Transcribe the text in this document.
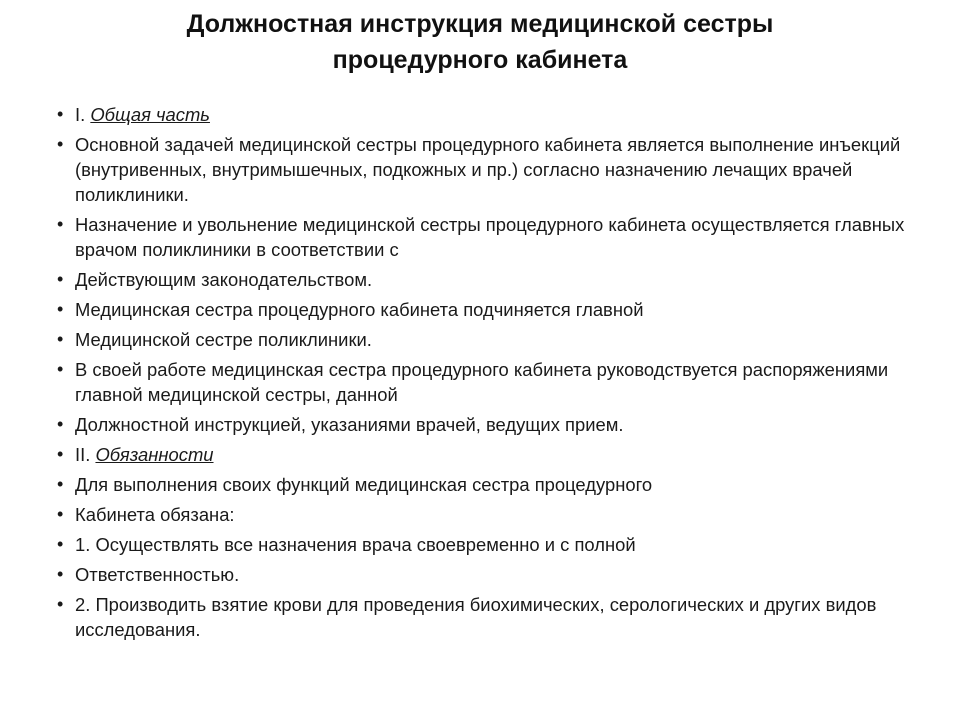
Должностная инструкция медицинской сестры
процедурного кабинета
• I. Общая часть
• Основной задачей медицинской сестры процедурного кабинета является выполнение инъекций (внутривенных, внутримышечных, подкожных и пр.) согласно назначению лечащих врачей поликлиники.
• Назначение и увольнение медицинской сестры процедурного кабинета осуществляется главных врачом поликлиники в соответствии с
• Действующим законодательством.
• Медицинская сестра процедурного кабинета подчиняется главной
• Медицинской сестре поликлиники.
• В своей работе медицинская сестра процедурного кабинета руководствуется распоряжениями главной медицинской сестры, данной
• Должностной инструкцией, указаниями врачей, ведущих прием.
• II. Обязанности
• Для выполнения своих функций медицинская сестра процедурного
• Кабинета обязана:
• 1. Осуществлять все назначения врача своевременно и с полной
• Ответственностью.
• 2. Производить взятие крови для проведения биохимических, серологических и других видов исследования.
